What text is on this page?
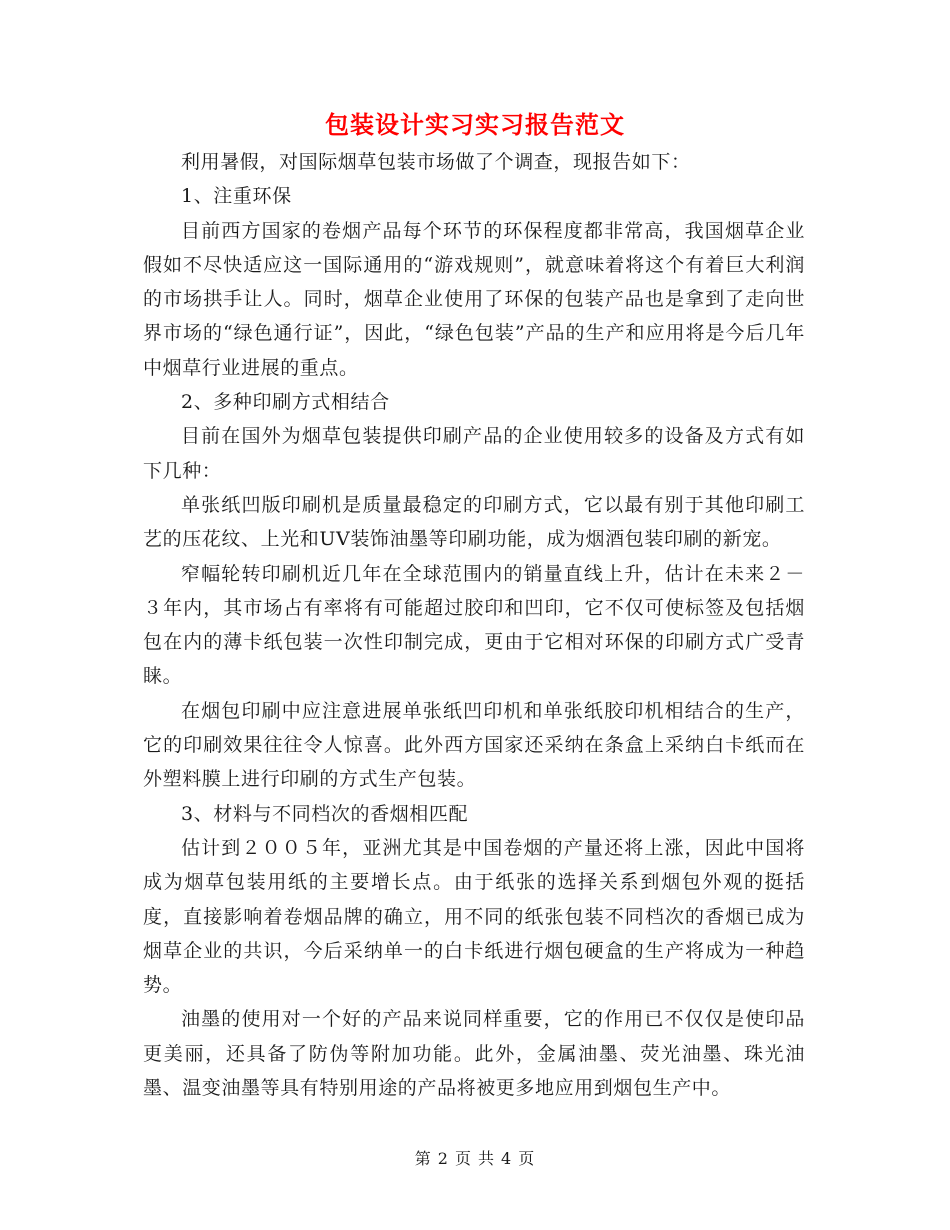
包装设计实习实习报告范文

利用暑假，对国际烟草包装市场做了个调查，现报告如下：

1、注重环保

目前西方国家的卷烟产品每个环节的环保程度都非常高，我国烟草企业假如不尽快适应这一国际通用的“游戏规则”，就意味着将这个有着巨大利润的市场拱手让人。同时，烟草企业使用了环保的包装产品也是拿到了走向世界市场的“绿色通行证”，因此，“绿色包装”产品的生产和应用将是今后几年中烟草行业进展的重点。

2、多种印刷方式相结合

目前在国外为烟草包装提供印刷产品的企业使用较多的设备及方式有如下几种：

单张纸凹版印刷机是质量最稳定的印刷方式，它以最有别于其他印刷工艺的压花纹、上光和UV装饰油墨等印刷功能，成为烟酒包装印刷的新宠。

窄幅轮转印刷机近几年在全球范围内的销量直线上升，估计在未来２－３年内，其市场占有率将有可能超过胶印和凹印，它不仅可使标签及包括烟包在内的薄卡纸包装一次性印制完成，更由于它相对环保的印刷方式广受青睐。

在烟包印刷中应注意进展单张纸凹印机和单张纸胶印机相结合的生产，它的印刷效果往往令人惊喜。此外西方国家还采纳在条盒上采纳白卡纸而在外塑料膜上进行印刷的方式生产包装。

3、材料与不同档次的香烟相匹配

估计到２００５年，亚洲尤其是中国卷烟的产量还将上涨，因此中国将成为烟草包装用纸的主要增长点。由于纸张的选择关系到烟包外观的挺括度，直接影响着卷烟品牌的确立，用不同的纸张包装不同档次的香烟已成为烟草企业的共识，今后采纳单一的白卡纸进行烟包硬盒的生产将成为一种趋势。

油墨的使用对一个好的产品来说同样重要，它的作用已不仅仅是使印品更美丽，还具备了防伪等附加功能。此外，金属油墨、荧光油墨、珠光油墨、温变油墨等具有特别用途的产品将被更多地应用到烟包生产中。

第 2 页 共 4 页
